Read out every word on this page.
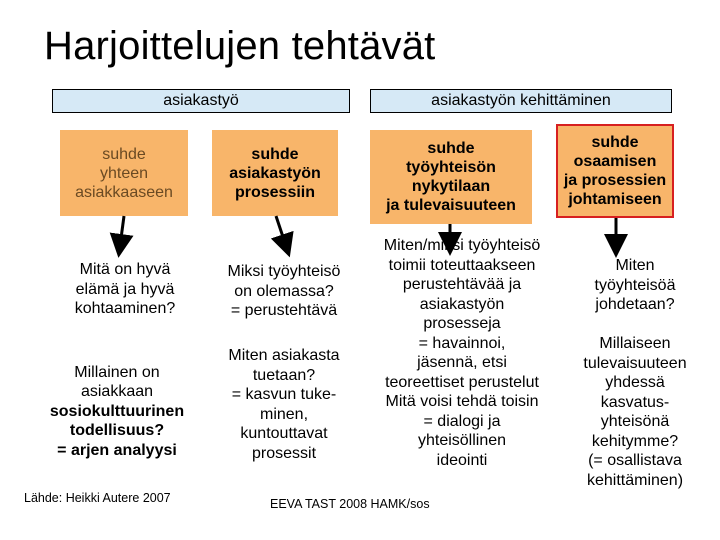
Harjoittelujen tehtävät
asiakastyö	asiakastyön kehittäminen
suhde
yhteen
asiakkaaseen
suhde
asiakastyön
prosessiin
suhde
työyhteisön
nykytilaan
ja tulevaisuuteen
suhde
osaamisen
ja prosessien
johtamiseen
Mitä on hyvä
elämä ja hyvä
kohtaaminen?

Millainen on
asiakkaan

sosiokulttuurinen
todellisuus?
= arjen analyysi

Miksi työyhteisö
on olemassa?
= perustehtävä
Miten asiakasta
tuetaan?
= kasvun tuke-
minen,
kuntouttavat
prosessit
Miten/miksi työyhteisö
toimii toteuttaakseen
perustehtävää ja
asiakastyön
prosesseja
= havainnoi,
jäsennä, etsi
teoreettiset perustelut
Mitä voisi tehdä toisin
= dialogi ja
yhteisöllinen
ideointi
Miten
työyhteisöä
johdetaan?
Millaiseen
tulevaisuuteen
yhdessä
kasvatus-
yhteisönä
kehitymme?
(= osallistava
kehittäminen)
Lähde: Heikki Autere 2007	EEVA TAST 2008 HAMK/sos
